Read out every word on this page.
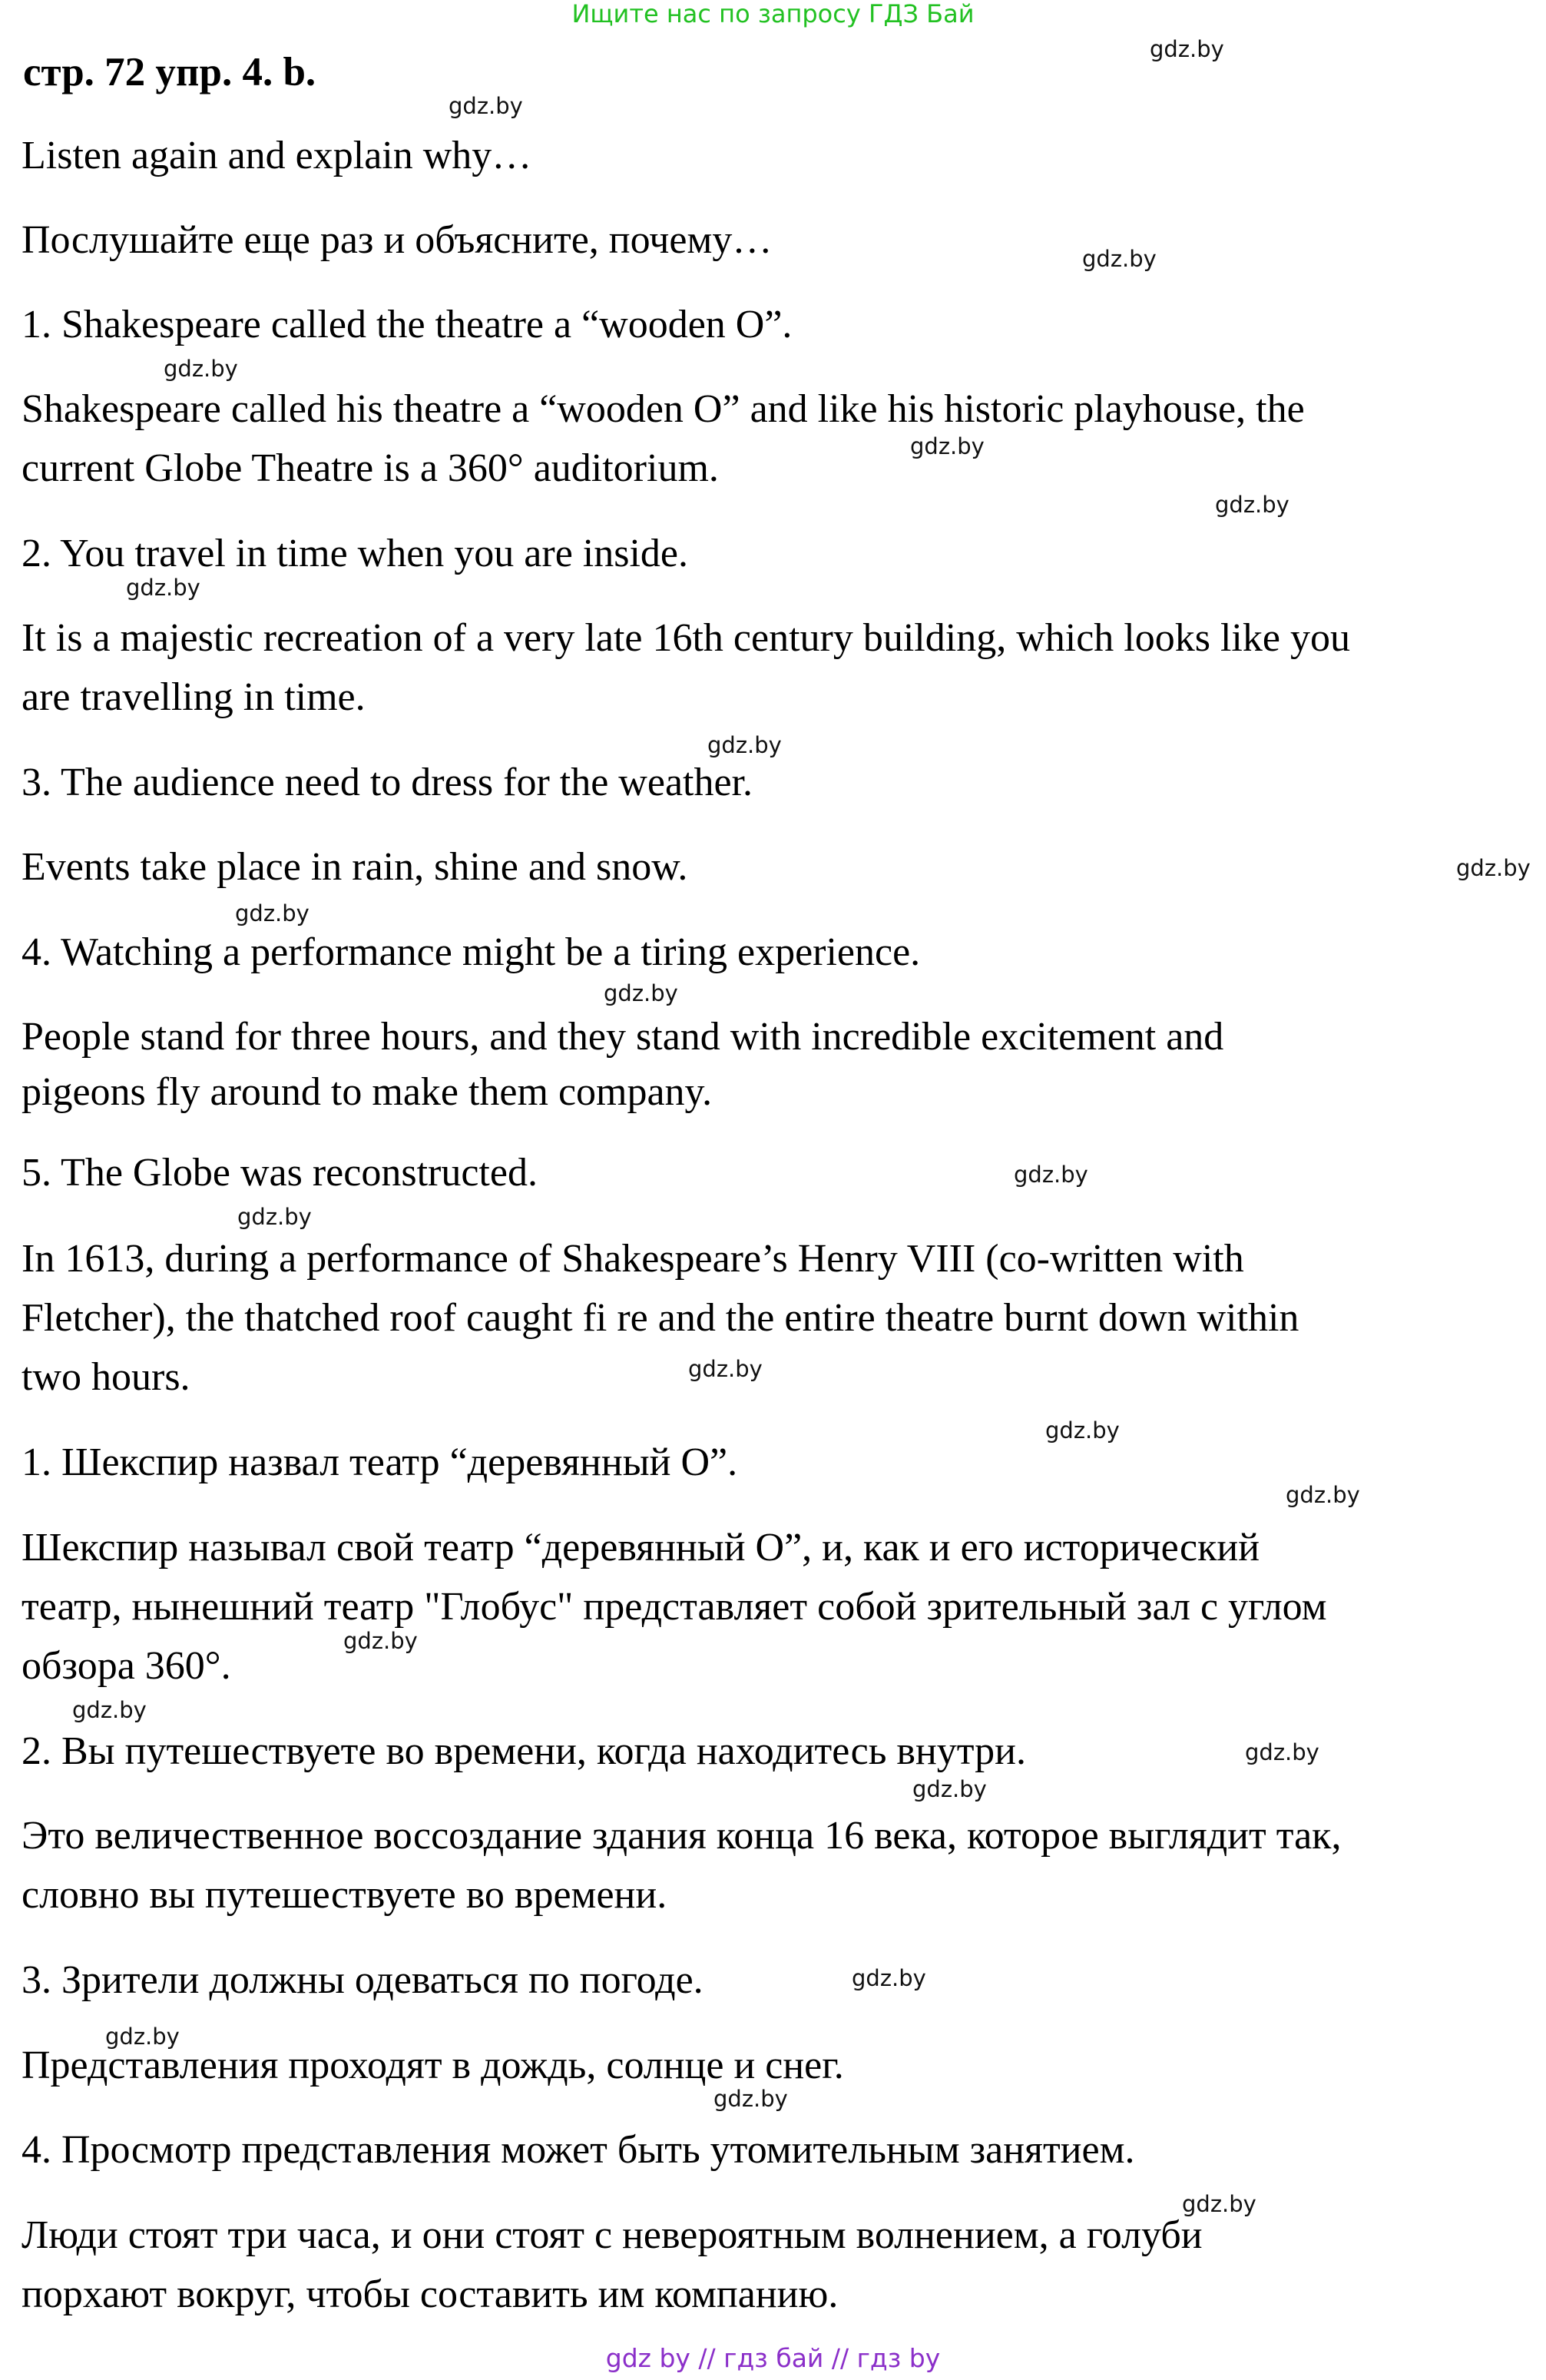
Ищите нас по запросу ГДЗ Бай
стр. 72 упр. 4. b.
Listen again and explain why…
Послушайте еще раз и объясните, почему…
1. Shakespeare called the theatre a “wooden O”.
Shakespeare called his theatre a “wooden O” and like his historic playhouse, the
current Globe Theatre is a 360° auditorium.
2. You travel in time when you are inside.
It is a majestic recreation of a very late 16th century building, which looks like you
are travelling in time.
3. The audience need to dress for the weather.
Events take place in rain, shine and snow.
4. Watching a performance might be a tiring experience.
People stand for three hours, and they stand with incredible excitement and
pigeons fly around to make them company.
5. The Globe was reconstructed.
In 1613, during a performance of Shakespeare’s Henry VIII (co-written with
Fletcher), the thatched roof caught fi re and the entire theatre burnt down within
two hours.
1. Шекспир назвал театр “деревянный О”.
Шекспир называл свой театр “деревянный О”, и, как и его исторический
театр, нынешний театр "Глобус" представляет собой зрительный зал с углом
обзора 360°.
2. Вы путешествуете во времени, когда находитесь внутри.
Это величественное воссоздание здания конца 16 века, которое выглядит так,
словно вы путешествуете во времени.
3. Зрители должны одеваться по погоде.
Представления проходят в дождь, солнце и снег.
4. Просмотр представления может быть утомительным занятием.
Люди стоят три часа, и они стоят с невероятным волнением, а голуби
порхают вокруг, чтобы составить им компанию.
gdz.by
gdz.by
gdz.by
gdz.by
gdz.by
gdz.by
gdz.by
gdz.by
gdz.by
gdz.by
gdz.by
gdz.by
gdz.by
gdz.by
gdz.by
gdz.by
gdz.by
gdz.by
gdz.by
gdz.by
gdz.by
gdz.by
gdz.by
gdz.by
gdz by // гдз бай // гдз by
